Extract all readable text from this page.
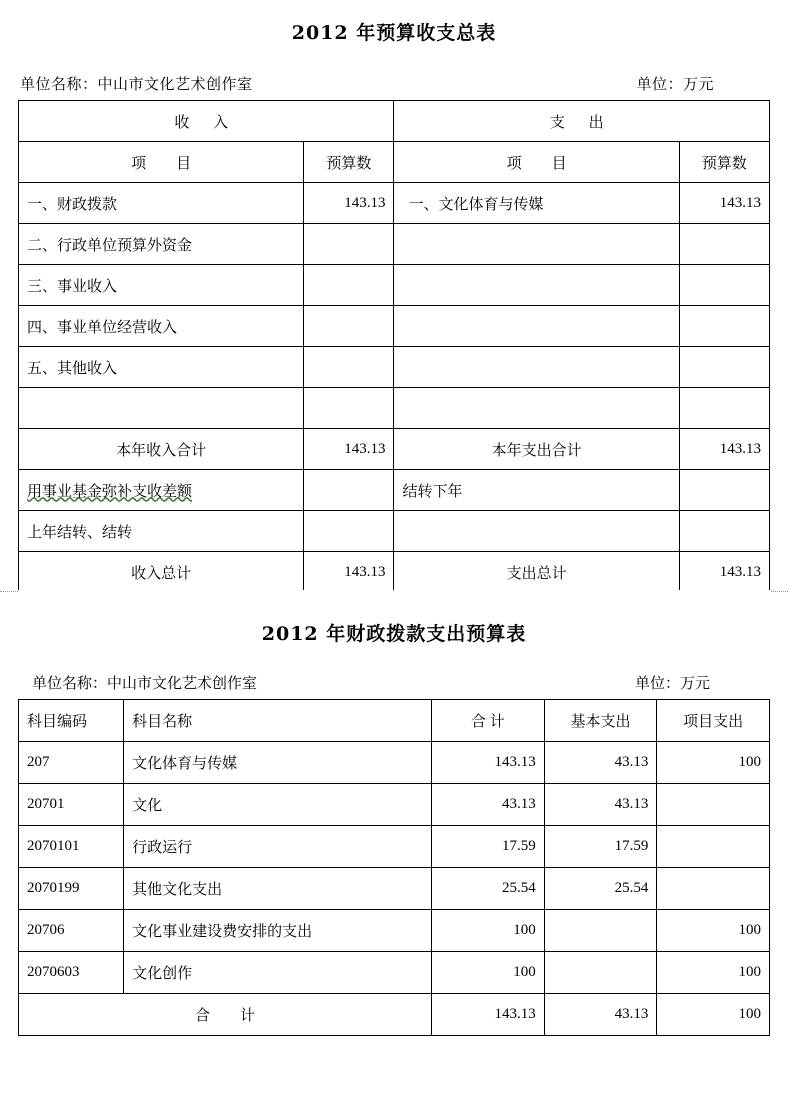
2012 年预算收支总表
单位名称：中山市文化艺术创作室	单位：万元
收 入		支 出	
项　　目	预算数	项　　目	预算数
一、财政拨款	143.13	一、文化体育与传媒	143.13
二、行政单位预算外资金			
三、事业收入			
四、事业单位经营收入			
五、其他收入			

本年收入合计	143.13	本年支出合计	143.13
用事业基金弥补支收差额		结转下年	
上年结转、结转			
收入总计	143.13	支出总计	143.13
2012 年财政拨款支出预算表
单位名称：中山市文化艺术创作室	单位：万元
科目编码	科目名称	合 计	基本支出	项目支出
207	文化体育与传媒	143.13	43.13	100
20701	文化	43.13	43.13	
2070101	行政运行	17.59	17.59	
2070199	其他文化支出	25.54	25.54	
20706	文化事业建设费安排的支出	100		100
2070603	文化创作	100		100
合　　计		143.13	43.13	100
